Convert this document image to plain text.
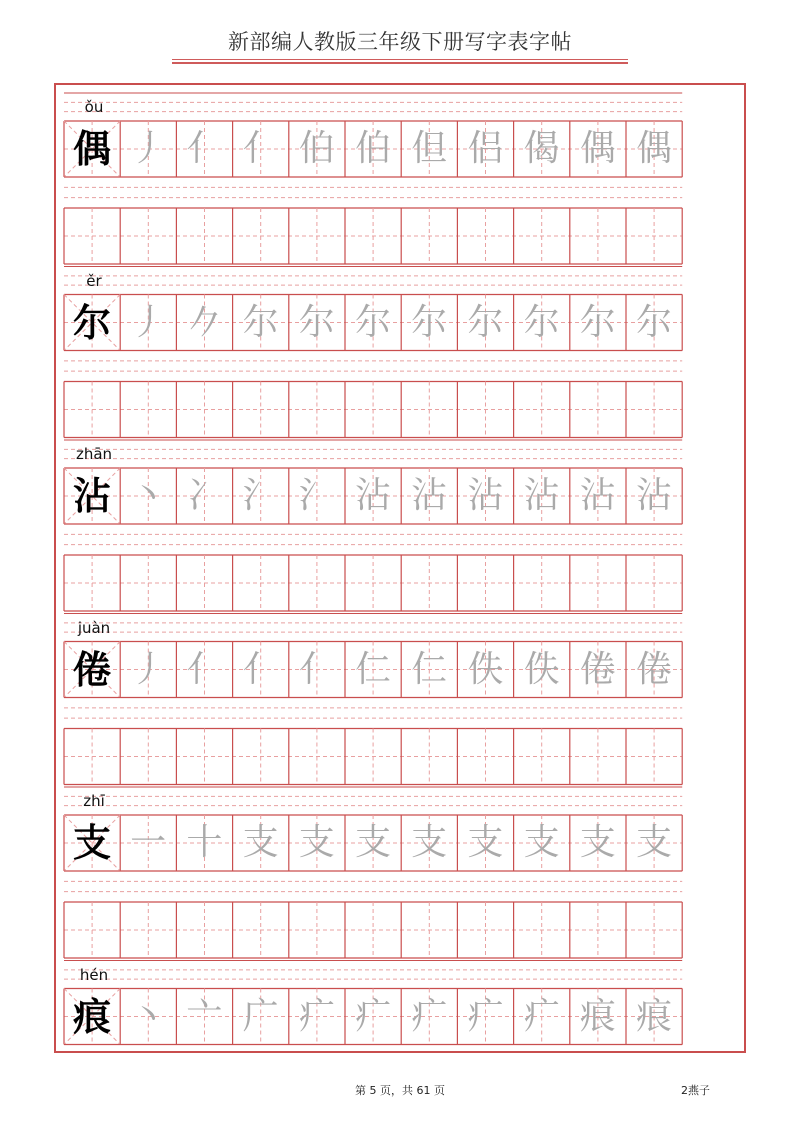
新部编人教版三年级下册写字表字帖
ǒu
偶 丿 亻 亻 伯 伯 但 侣 偈 偶 偶
ěr
尔 丿 𠂊 尔 尔 尔 尔 尔 尔 尔 尔
zhān
沾 丶 冫 氵 氵 沾 沾 沾 沾 沾 沾
juàn
倦 丿 亻 亻 亻 仁 仁 佚 佚 倦 倦
zhī
支 一 十 支 支 支 支 支 支 支 支
hén
痕 丶 亠 广 疒 疒 疒 疒 疒 痕 痕
第 5 页，共 61 页	2燕子
